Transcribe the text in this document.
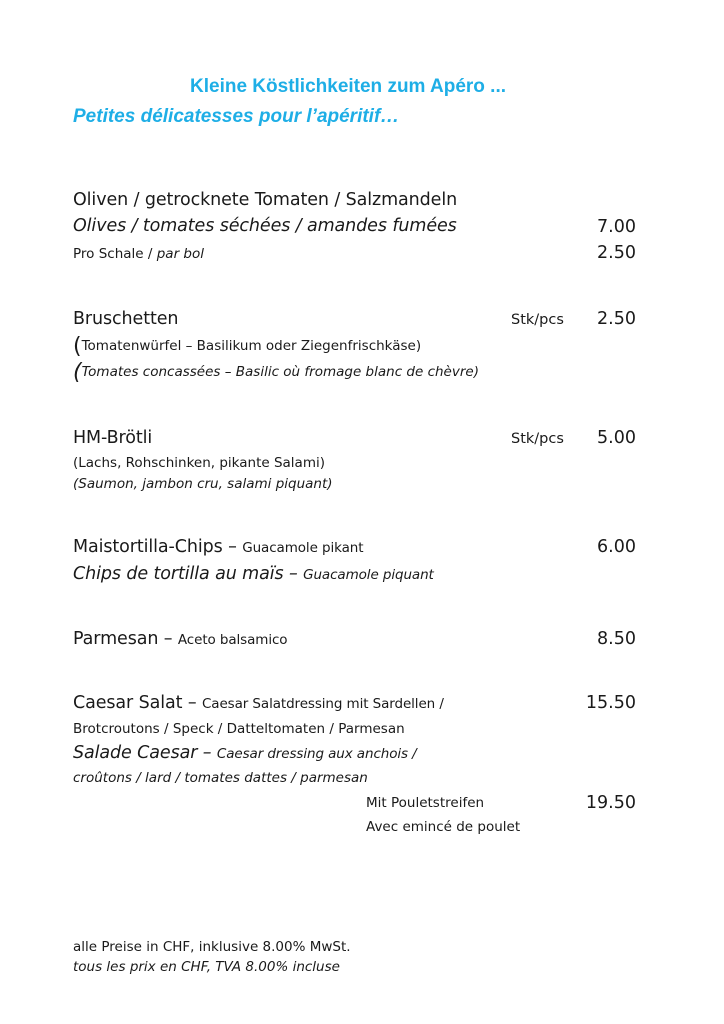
Kleine Köstlichkeiten zum Apéro ...
Petites délicatesses pour l’apéritif…
Oliven / getrocknete Tomaten / Salzmandeln
Olives / tomates séchées / amandes fumées	7.00
Pro Schale / par bol	2.50
Bruschetten	Stk/pcs	2.50
(Tomatenwürfel – Basilikum oder Ziegenfrischkäse)
(Tomates concassées – Basilic où fromage blanc de chèvre)
HM-Brötli	Stk/pcs	5.00
(Lachs, Rohschinken, pikante Salami)
(Saumon, jambon cru, salami piquant)
Maistortilla-Chips – Guacamole pikant	6.00
Chips de tortilla au maïs – Guacamole piquant
Parmesan – Aceto balsamico	8.50
Caesar Salat – Caesar Salatdressing mit Sardellen /	15.50
Brotcroutons / Speck / Datteltomaten / Parmesan
Salade Caesar – Caesar dressing aux anchois /
croûtons / lard / tomates dattes / parmesan
Mit Pouletstreifen	19.50
Avec emincé de poulet
alle Preise in CHF, inklusive 8.00% MwSt.
tous les prix en CHF, TVA 8.00% incluse
